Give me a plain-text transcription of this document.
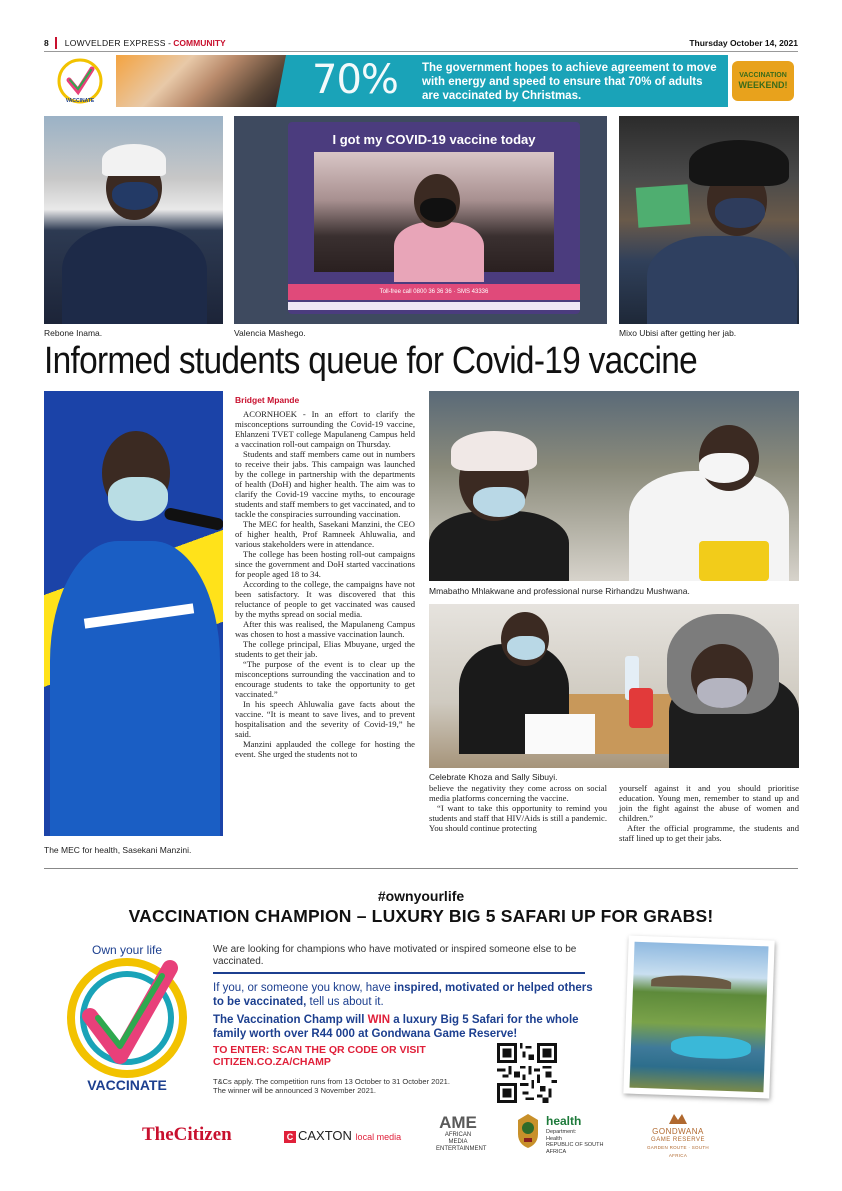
8 LOWVELDER EXPRESS - COMMUNITY	Thursday October 14, 2021
VACCINATE	70% The government hopes to achieve agreement to move with energy and speed to ensure that 70% of adults are vaccinated by Christmas.
VACCINATION
WEEKEND!
Rebone Inama.
I got my COVID-19 vaccine today
Toll-free call 0800 36 36 36 · SMS 43336
Valencia Mashego.	Mixo Ubisi after getting her jab.
Informed students queue for Covid-19 vaccine
The MEC for health, Sasekani Manzini.
Bridget Mpande

ACORNHOEK - In an effort to clarify the misconceptions surrounding the Covid-19 vaccine, Ehlanzeni TVET college Mapulaneng Campus held a vaccination roll-out campaign on Thursday.

Students and staff members came out in numbers to receive their jabs. This campaign was launched by the college in partnership with the departments of health (DoH) and higher health. The aim was to clarify the Covid-19 vaccine myths, to encourage students and staff members to get vaccinated, and to tackle the conspiracies surrounding vaccination.

The MEC for health, Sasekani Manzini, the CEO of higher health, Prof Ramneek Ahluwalia, and various stakeholders were in attendance.

The college has been hosting roll-out campaigns since the government and DoH started vaccinations for people aged 18 to 34.

According to the college, the campaigns have not been satisfactory. It was discovered that this reluctance of people to get vaccinated was caused by the myths spread on social media.

After this was realised, the Mapulaneng Campus was chosen to host a massive vaccination launch.

The college principal, Elias Mbuyane, urged the students to get their jab.

“The purpose of the event is to clear up the misconceptions surrounding the vaccination and to encourage students to take the opportunity to get vaccinated.”

In his speech Ahluwalia gave facts about the vaccine. “It is meant to save lives, and to prevent hospitalisation and the severity of Covid-19,” he said.

Manzini applauded the college for hosting the event. She urged the students not to

Mmabatho Mhlakwane and professional nurse Rirhandzu Mushwana.
Celebrate Khoza and Sally Sibuyi.

believe the negativity they come across on social media platforms concerning the vaccine.

“I want to take this opportunity to remind you students and staff that HIV/Aids is still a pandemic. You should continue protecting

yourself against it and you should prioritise education. Young men, remember to stand up and join the fight against the abuse of women and children.”

After the official programme, the students and staff lined up to get their jabs.

#ownyourlife
VACCINATION CHAMPION – LUXURY BIG 5 SAFARI UP FOR GRABS!
Own your life
VACCINATE
We are looking for champions who have motivated or inspired someone else to be vaccinated.
If you, or someone you know, have inspired, motivated or helped others to be vaccinated, tell us about it.
The Vaccination Champ will WIN a luxury Big 5 Safari for the whole family worth over R44 000 at Gondwana Game Reserve!
TO ENTER: SCAN THE QR CODE OR VISIT CITIZEN.CO.ZA/CHAMP
T&Cs apply. The competition runs from 13 October to 31 October 2021.
The winner will be announced 3 November 2021.
TheCitizen	C CAXTON local media
AME
AFRICAN MEDIA ENTERTAINMENT
health
Department:
Health
REPUBLIC OF SOUTH AFRICA
GONDWANA
GAME RESERVE
GARDEN ROUTE · SOUTH AFRICA
